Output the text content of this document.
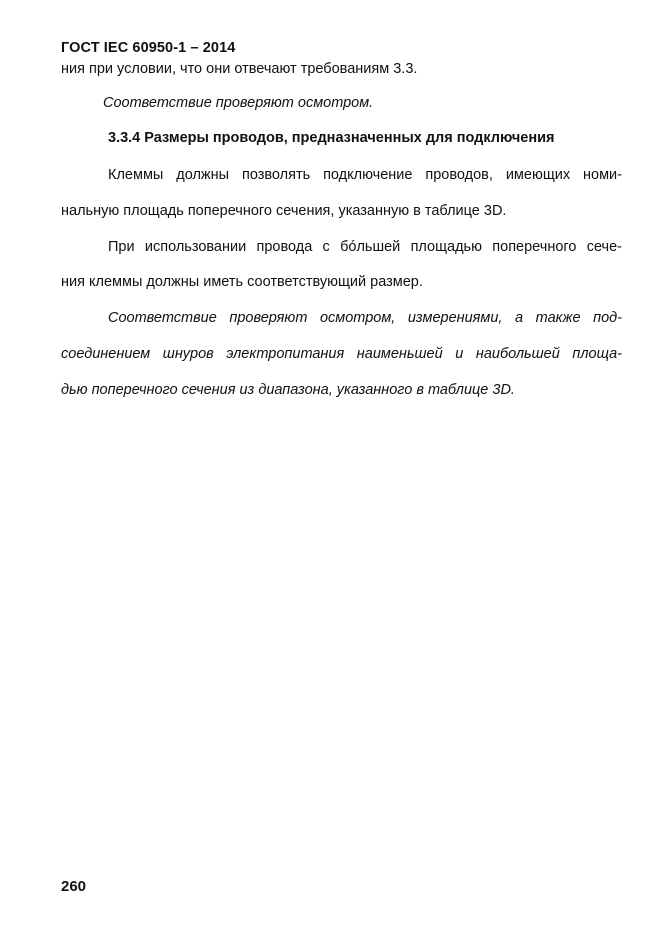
ГОСТ IEC 60950-1 – 2014
ния при условии, что они отвечают требованиям 3.3.
Соответствие проверяют осмотром.
3.3.4 Размеры проводов, предназначенных для подключения
Клеммы должны позволять подключение проводов, имеющих номи-
нальную площадь поперечного сечения, указанную в таблице 3D.
При использовании провода с бóльшей площадью поперечного сече-
ния клеммы должны иметь соответствующий размер.
Соответствие проверяют осмотром, измерениями, а также под-
соединением шнуров электропитания наименьшей и наибольшей площа-
дью поперечного сечения из диапазона, указанного в таблице 3D.
260
